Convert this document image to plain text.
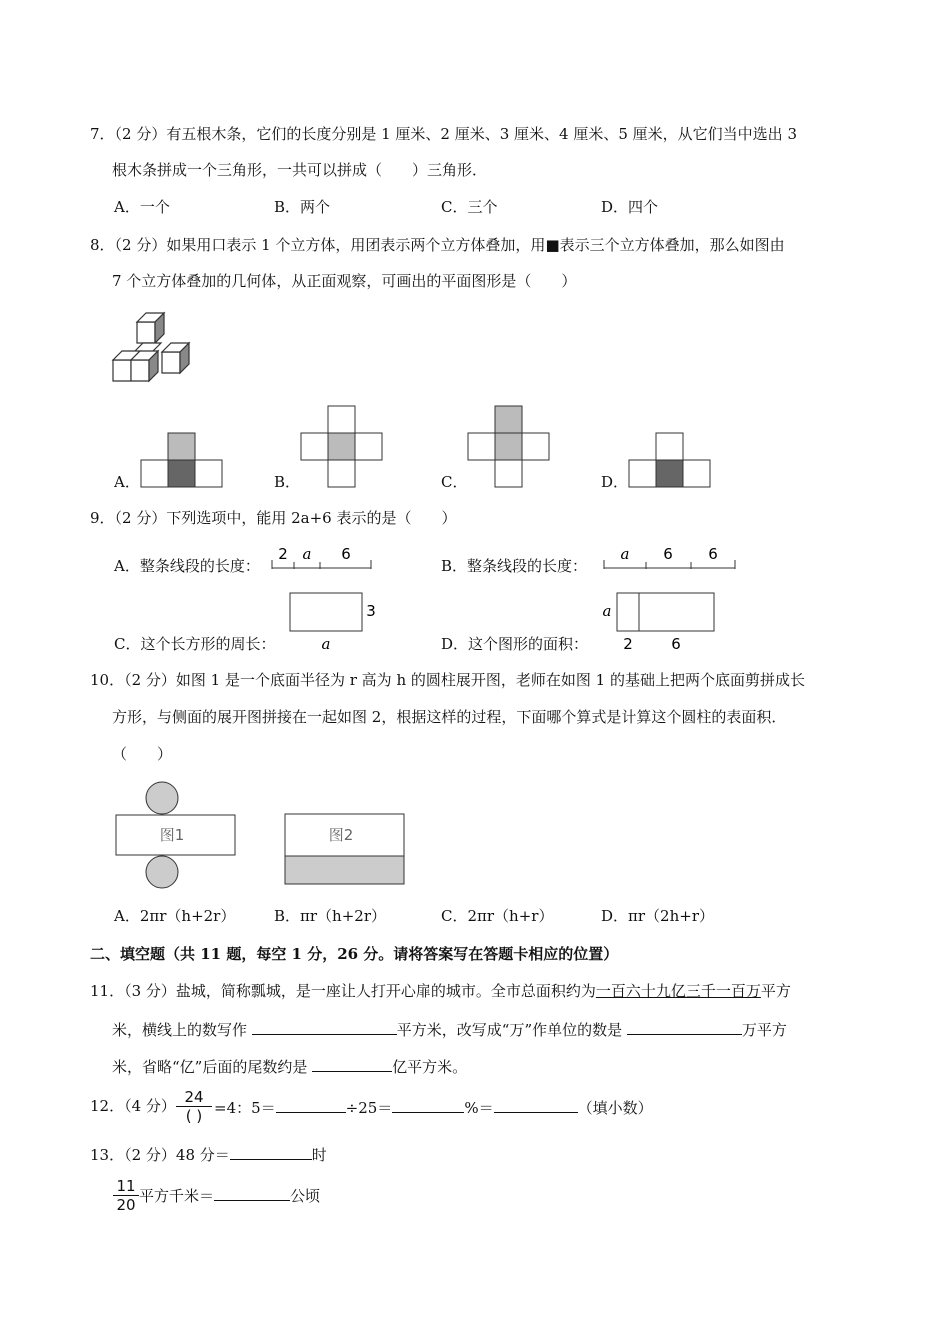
7．（2 分）有五根木条，它们的长度分别是 1 厘米、2 厘米、3 厘米、4 厘米、5 厘米，从它们当中选出 3
根木条拼成一个三角形，一共可以拼成（　　）三角形．
A．一个	B．两个	C．三个	D．四个
8．（2 分）如果用口表示 1 个立方体，用团表示两个立方体叠加，用■表示三个立方体叠加，那么如图由
7 个立方体叠加的几何体，从正面观察，可画出的平面图形是（　　）
A．	B．	C．	D．
9．（2 分）下列选项中，能用 2a+6 表示的是（　　）
A．整条线段的长度：
2 a 6
B．整条线段的长度：
a 6 6
C．这个长方形的周长：
3
a	D．这个图形的面积：
a
2	6
10．（2 分）如图 1 是一个底面半径为 r 高为 h 的圆柱展开图，老师在如图 1 的基础上把两个底面剪拼成长
方形，与侧面的展开图拼接在一起如图 2，根据这样的过程，下面哪个算式是计算这个圆柱的表面积．
（　　）
图1	图2
A．2πr（h+2r）	B．πr（h+2r）	C．2πr（h+r）	D．πr（2h+r）
二、填空题（共 11 题，每空 1 分，26 分。请将答案写在答题卡相应的位置）
11．（3 分）盐城，简称瓢城，是一座让人打开心扉的城市。全市总面积约为一百六十九亿三千一百万平方
米，横线上的数写作	平方米，改写成“万”作单位的数是	万平方
米，省略“亿”后面的尾数约是	亿平方米。
12．（4 分） 24
( ) =4：5＝	÷25＝	%＝	（填小数）
13．（2 分）48 分＝	时
$\frac{11}{20}$ 平方千米＝	公顷
